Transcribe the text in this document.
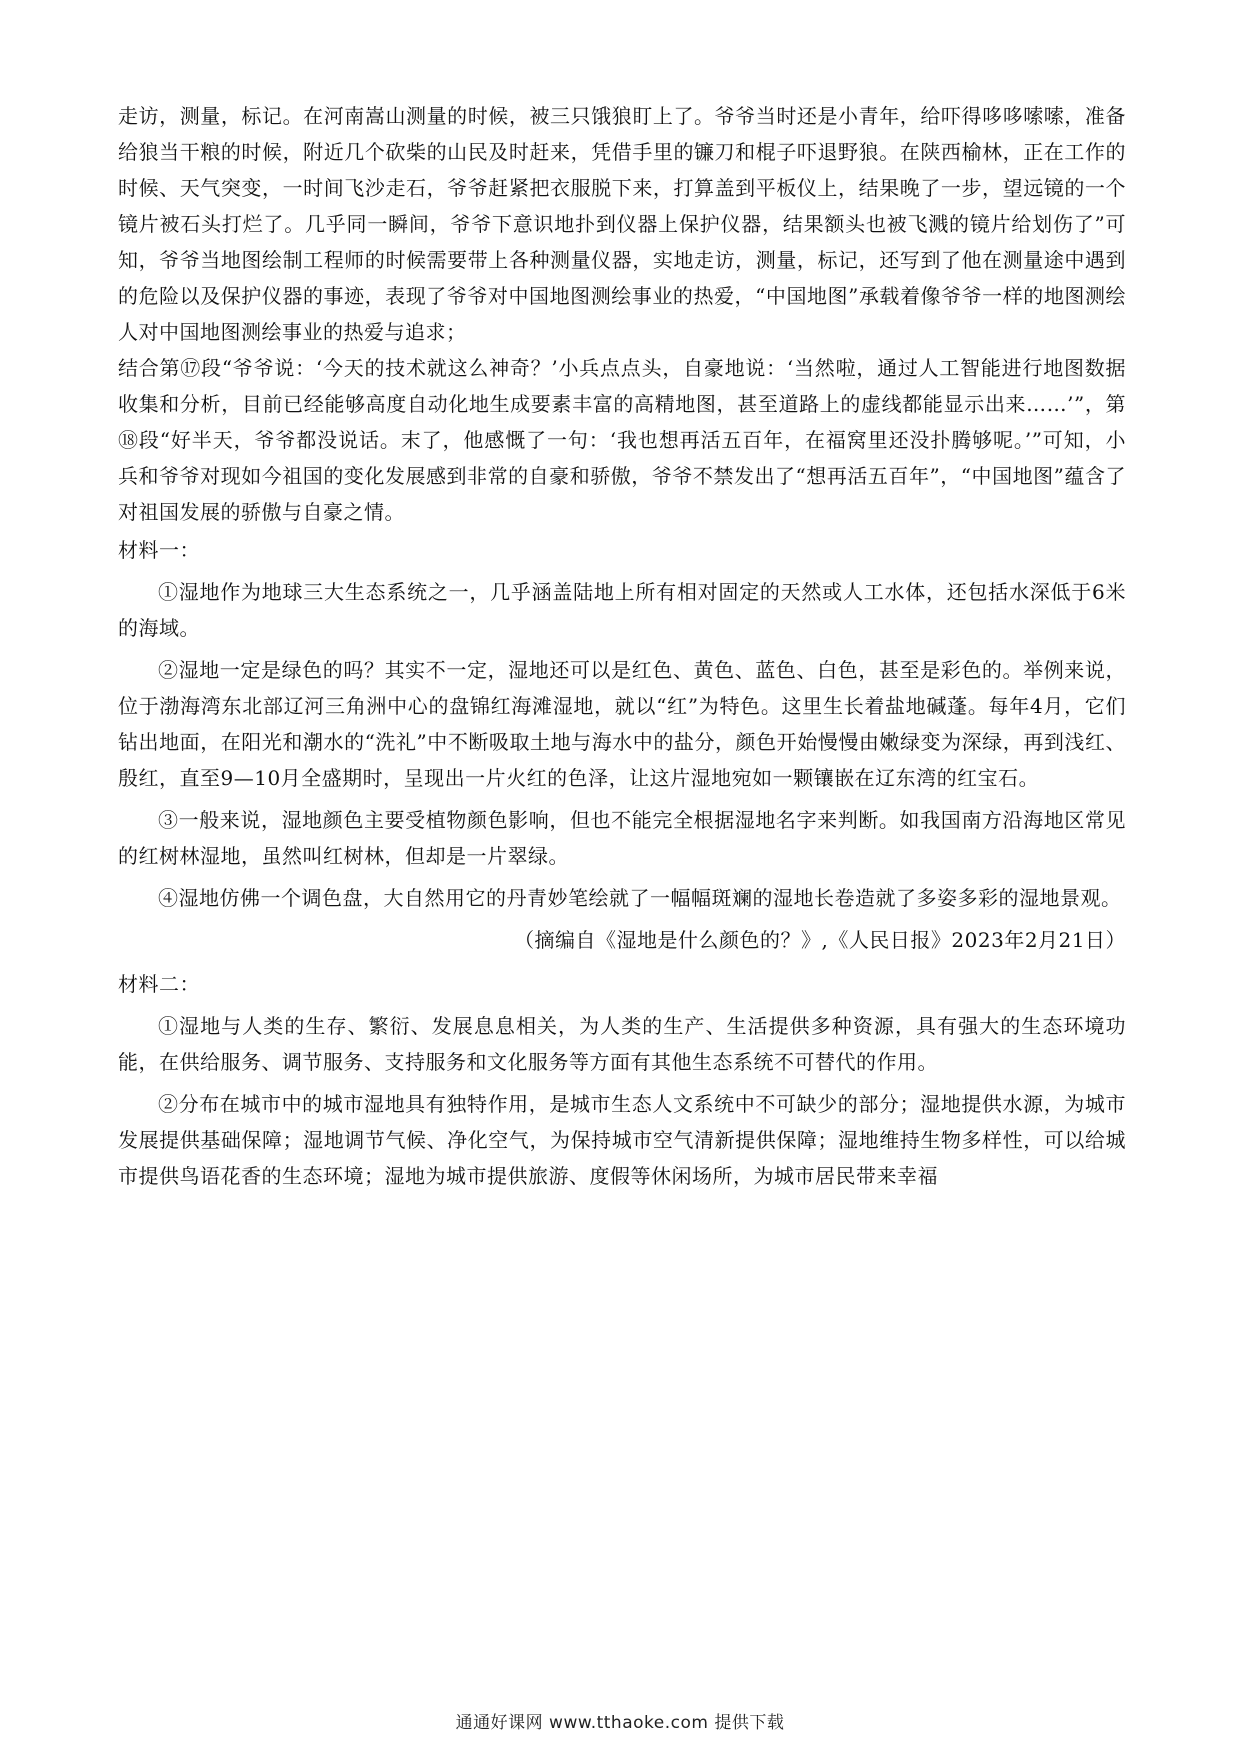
走访，测量，标记。在河南嵩山测量的时候，被三只饿狼盯上了。爷爷当时还是小青年，给吓得哆哆嗦嗦，准备给狼当干粮的时候，附近几个砍柴的山民及时赶来，凭借手里的镰刀和棍子吓退野狼。在陕西榆林，正在工作的时候、天气突变，一时间飞沙走石，爷爷赶紧把衣服脱下来，打算盖到平板仪上，结果晚了一步，望远镜的一个镜片被石头打烂了。几乎同一瞬间，爷爷下意识地扑到仪器上保护仪器，结果额头也被飞溅的镜片给划伤了”可知，爷爷当地图绘制工程师的时候需要带上各种测量仪器，实地走访，测量，标记，还写到了他在测量途中遇到的危险以及保护仪器的事迹，表现了爷爷对中国地图测绘事业的热爱，“中国地图”承载着像爷爷一样的地图测绘人对中国地图测绘事业的热爱与追求；

结合第⑰段“爷爷说：‘今天的技术就这么神奇？’小兵点点头，自豪地说：‘当然啦，通过人工智能进行地图数据收集和分析，目前已经能够高度自动化地生成要素丰富的高精地图，甚至道路上的虚线都能显示出来……’”，第⑱段“好半天，爷爷都没说话。末了，他感慨了一句：‘我也想再活五百年，在福窝里还没扑腾够呢。’”可知，小兵和爷爷对现如今祖国的变化发展感到非常的自豪和骄傲，爷爷不禁发出了“想再活五百年”，“中国地图”蕴含了对祖国发展的骄傲与自豪之情。

材料一：

①湿地作为地球三大生态系统之一，几乎涵盖陆地上所有相对固定的天然或人工水体，还包括水深低于6米的海域。

②湿地一定是绿色的吗？其实不一定，湿地还可以是红色、黄色、蓝色、白色，甚至是彩色的。举例来说，位于渤海湾东北部辽河三角洲中心的盘锦红海滩湿地，就以“红”为特色。这里生长着盐地碱蓬。每年4月，它们钻出地面，在阳光和潮水的“洗礼”中不断吸取土地与海水中的盐分，颜色开始慢慢由嫩绿变为深绿，再到浅红、殷红，直至9—10月全盛期时，呈现出一片火红的色泽，让这片湿地宛如一颗镶嵌在辽东湾的红宝石。

③一般来说，湿地颜色主要受植物颜色影响，但也不能完全根据湿地名字来判断。如我国南方沿海地区常见的红树林湿地，虽然叫红树林，但却是一片翠绿。

④湿地仿佛一个调色盘，大自然用它的丹青妙笔绘就了一幅幅斑斓的湿地长卷造就了多姿多彩的湿地景观。

（摘编自《湿地是什么颜色的？》,《人民日报》2023年2月21日）

材料二：

①湿地与人类的生存、繁衍、发展息息相关，为人类的生产、生活提供多种资源，具有强大的生态环境功能，在供给服务、调节服务、支持服务和文化服务等方面有其他生态系统不可替代的作用。

②分布在城市中的城市湿地具有独特作用，是城市生态人文系统中不可缺少的部分；湿地提供水源，为城市发展提供基础保障；湿地调节气候、净化空气，为保持城市空气清新提供保障；湿地维持生物多样性，可以给城市提供鸟语花香的生态环境；湿地为城市提供旅游、度假等休闲场所，为城市居民带来幸福

通通好课网 www.tthaoke.com 提供下载
